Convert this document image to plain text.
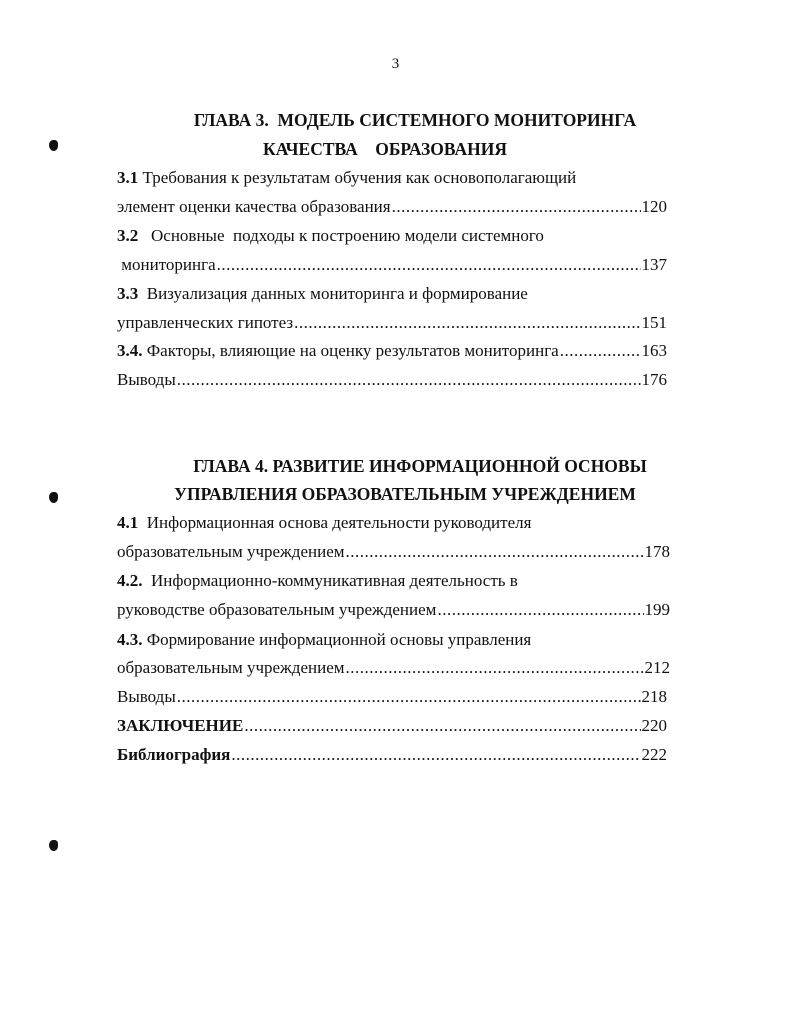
3
ГЛАВА 3.  МОДЕЛЬ СИСТЕМНОГО МОНИТОРИНГА
КАЧЕСТВА    ОБРАЗОВАНИЯ
3.1 Требования к результатам обучения как основополагающий
элемент оценки качества образования .....	120
3.2 Основные  подходы к построению модели системного
мониторинга .....	137
3.3 Визуализация данных мониторинга и формирование
управленческих гипотез .....	151
3.4. Факторы, влияющие на оценку результатов мониторинга .....	163
Выводы .....	176
ГЛАВА 4. РАЗВИТИЕ ИНФОРМАЦИОННОЙ ОСНОВЫ
УПРАВЛЕНИЯ ОБРАЗОВАТЕЛЬНЫМ УЧРЕЖДЕНИЕМ
4.1 Информационная основа деятельности руководителя
образовательным учреждением .....	178
4.2. Информационно-коммуникативная деятельность в
руководстве образовательным учреждением .....	199
4.3. Формирование информационной основы управления
образовательным учреждением .....	212
Выводы .....	218
ЗАКЛЮЧЕНИЕ .....	220
Библиография .....	222
